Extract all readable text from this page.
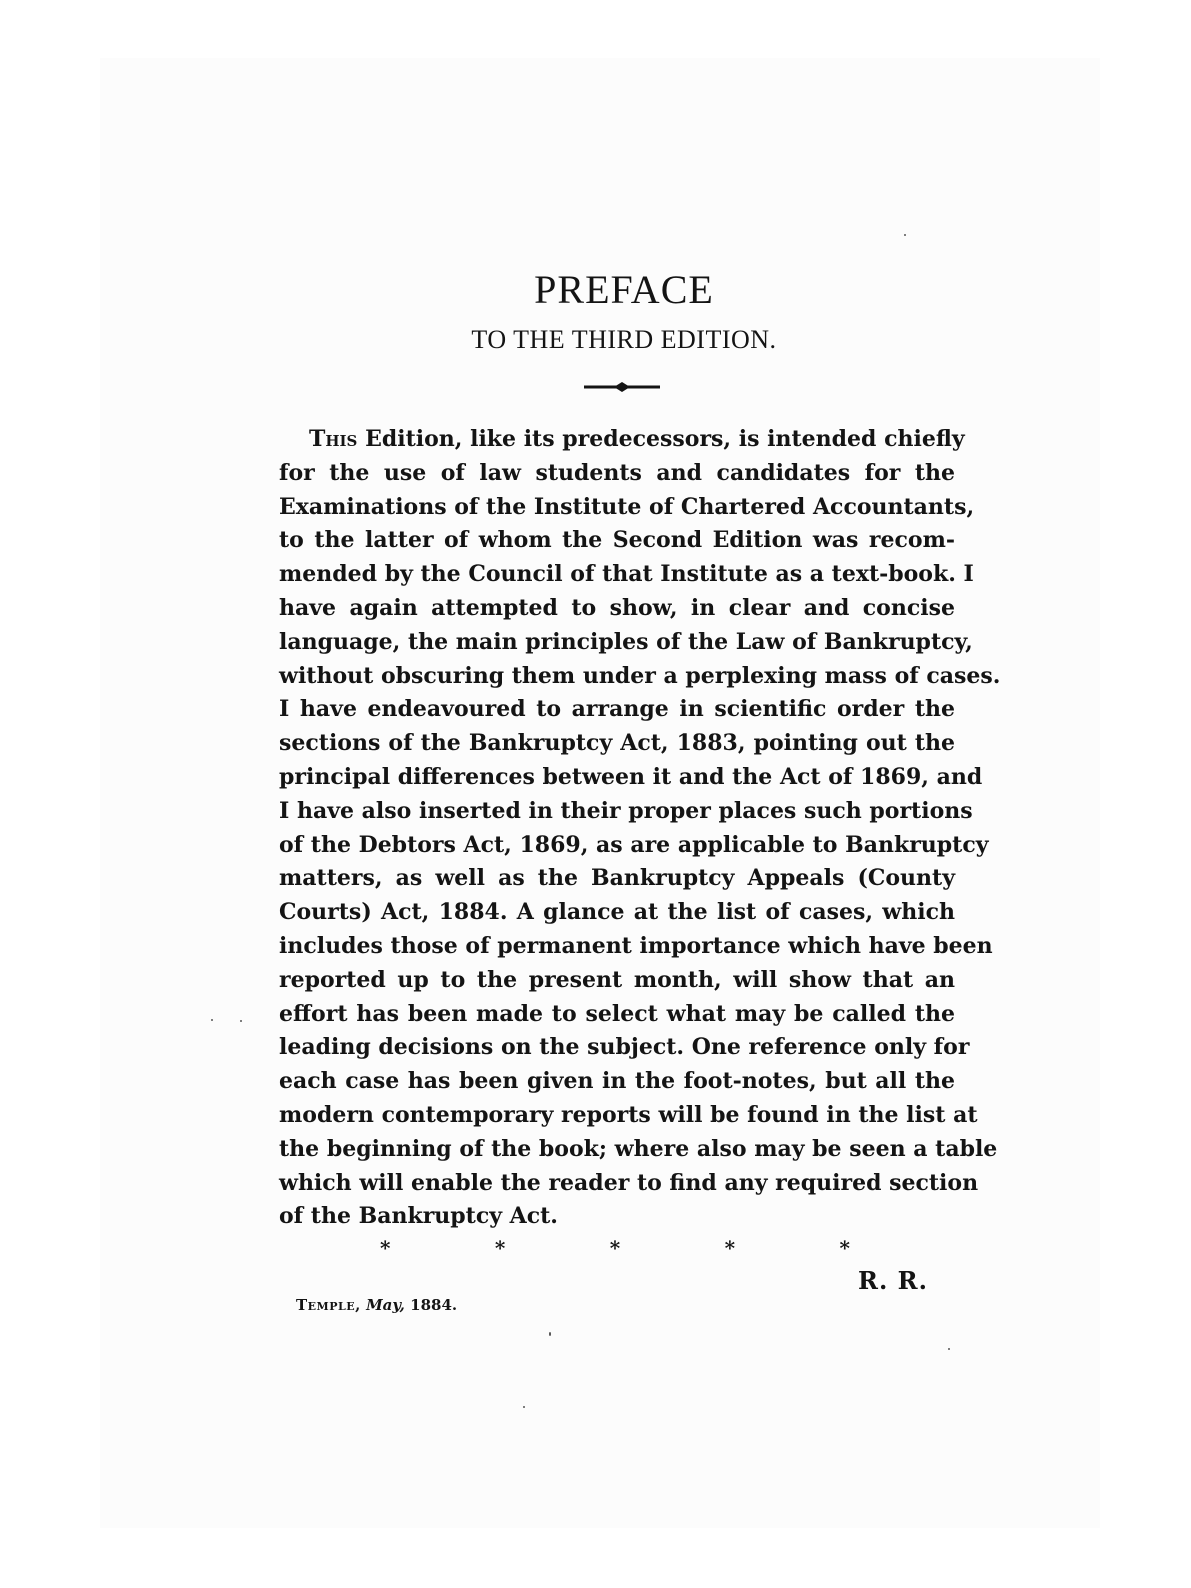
PREFACE
TO THE THIRD EDITION.
This Edition, like its predecessors, is intended chiefly
for the use of law students and candidates for the
Examinations of the Institute of Chartered Accountants,
to the latter of whom the Second Edition was recom-
mended by the Council of that Institute as a text-book. I
have again attempted to show, in clear and concise
language, the main principles of the Law of Bankruptcy,
without obscuring them under a perplexing mass of cases.
I have endeavoured to arrange in scientific order the
sections of the Bankruptcy Act, 1883, pointing out the
principal differences between it and the Act of 1869, and
I have also inserted in their proper places such portions
of the Debtors Act, 1869, as are applicable to Bankruptcy
matters, as well as the Bankruptcy Appeals (County
Courts) Act, 1884. A glance at the list of cases, which
includes those of permanent importance which have been
reported up to the present month, will show that an
effort has been made to select what may be called the
leading decisions on the subject. One reference only for
each case has been given in the foot-notes, but all the
modern contemporary reports will be found in the list at
the beginning of the book; where also may be seen a table
which will enable the reader to find any required section
of the Bankruptcy Act.
*	*	*	*	*
R. R.
Temple, May, 1884.
